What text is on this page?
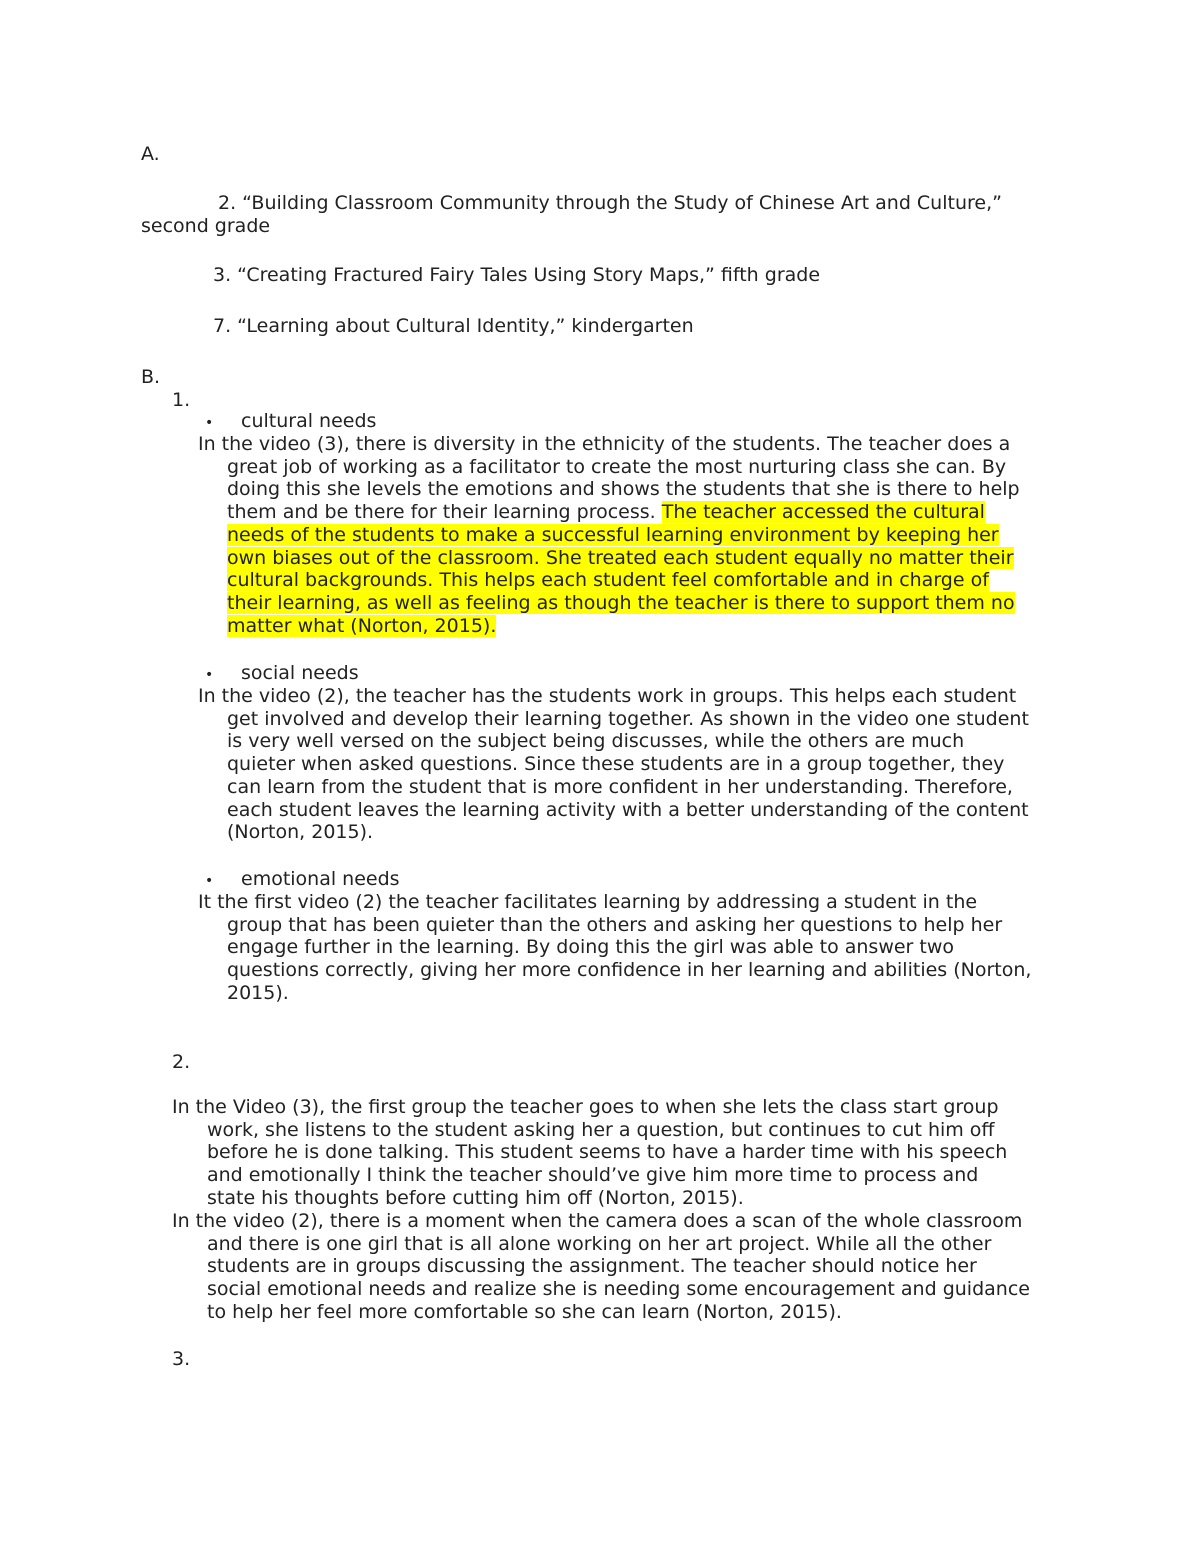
A.
2. “Building Classroom Community through the Study of Chinese Art and Culture,”
second grade
3. “Creating Fractured Fairy Tales Using Story Maps,” fifth grade
7. “Learning about Cultural Identity,” kindergarten
B.
1.
• cultural needs
In the video (3), there is diversity in the ethnicity of the students. The teacher does a
great job of working as a facilitator to create the most nurturing class she can. By
doing this she levels the emotions and shows the students that she is there to help
them and be there for their learning process. The teacher accessed the cultural
needs of the students to make a successful learning environment by keeping her
own biases out of the classroom. She treated each student equally no matter their
cultural backgrounds. This helps each student feel comfortable and in charge of
their learning, as well as feeling as though the teacher is there to support them no
matter what (Norton, 2015).
• social needs
In the video (2), the teacher has the students work in groups. This helps each student
get involved and develop their learning together. As shown in the video one student
is very well versed on the subject being discusses, while the others are much
quieter when asked questions. Since these students are in a group together, they
can learn from the student that is more confident in her understanding. Therefore,
each student leaves the learning activity with a better understanding of the content
(Norton, 2015).
• emotional needs
It the first video (2) the teacher facilitates learning by addressing a student in the
group that has been quieter than the others and asking her questions to help her
engage further in the learning. By doing this the girl was able to answer two
questions correctly, giving her more confidence in her learning and abilities (Norton,
2015).
2.
In the Video (3), the first group the teacher goes to when she lets the class start group
work, she listens to the student asking her a question, but continues to cut him off
before he is done talking. This student seems to have a harder time with his speech
and emotionally I think the teacher should’ve give him more time to process and
state his thoughts before cutting him off (Norton, 2015).
In the video (2), there is a moment when the camera does a scan of the whole classroom
and there is one girl that is all alone working on her art project. While all the other
students are in groups discussing the assignment. The teacher should notice her
social emotional needs and realize she is needing some encouragement and guidance
to help her feel more comfortable so she can learn (Norton, 2015).
3.
